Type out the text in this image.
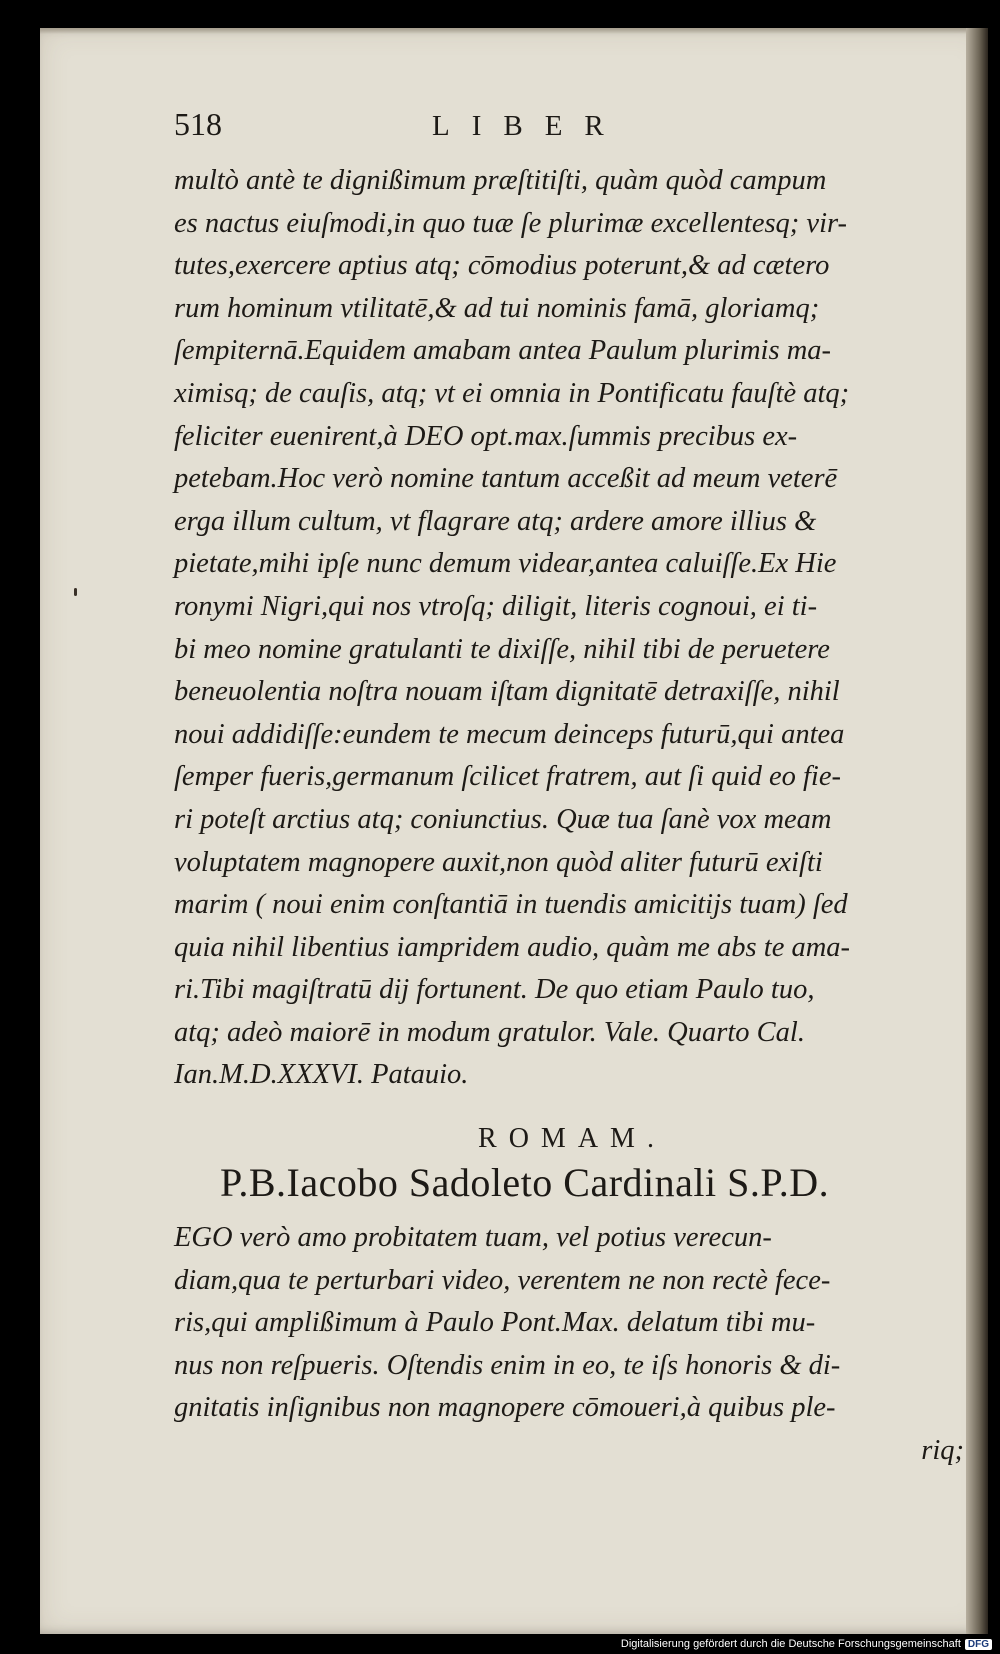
518	LIBER
multò antè te dignißimum præſtitiſti, quàm quòd campum
es nactus eiuſmodi,in quo tuæ ſe plurimæ excellentesq; vir-
tutes,exercere aptius atq; cōmodius poterunt,& ad cætero
rum hominum vtilitatē,& ad tui nominis famā, gloriamq;
ſempiternā.Equidem amabam antea Paulum plurimis ma-
ximisq; de cauſis, atq; vt ei omnia in Pontificatu fauſtè atq;
feliciter euenirent,à DEO opt.max.ſummis precibus ex-
petebam.Hoc verò nomine tantum acceßit ad meum veterē
erga illum cultum, vt flagrare atq; ardere amore illius &
pietate,mihi ipſe nunc demum videar,antea caluiſſe.Ex Hie
ronymi Nigri,qui nos vtroſq; diligit, literis cognoui, ei ti-
bi meo nomine gratulanti te dixiſſe, nihil tibi de peruetere
beneuolentia noſtra nouam iſtam dignitatē detraxiſſe, nihil
noui addidiſſe:eundem te mecum deinceps futurū,qui antea
ſemper fueris,germanum ſcilicet fratrem, aut ſi quid eo fie-
ri poteſt arctius atq; coniunctius. Quæ tua ſanè vox meam
voluptatem magnopere auxit,non quòd aliter futurū exiſti
marim ( noui enim conſtantiā in tuendis amicitijs tuam) ſed
quia nihil libentius iampridem audio, quàm me abs te ama-
ri.Tibi magiſtratū dij fortunent. De quo etiam Paulo tuo,
atq; adeò maiorē in modum gratulor. Vale. Quarto Cal.
Ian.M.D.XXXVI. Patauio.
ROMAM.
P.B.Iacobo Sadoleto Cardinali S.P.D.
EGO verò amo probitatem tuam, vel potius verecun-
diam,qua te perturbari video, verentem ne non rectè fece-
ris,qui amplißimum à Paulo Pont.Max. delatum tibi mu-
nus non reſpueris. Oſtendis enim in eo, te iſs honoris & di-
gnitatis inſignibus non magnopere cōmoueri,à quibus ple-
riq;
Digitalisierung gefördert durch die Deutsche Forschungsgemeinschaft DFG
